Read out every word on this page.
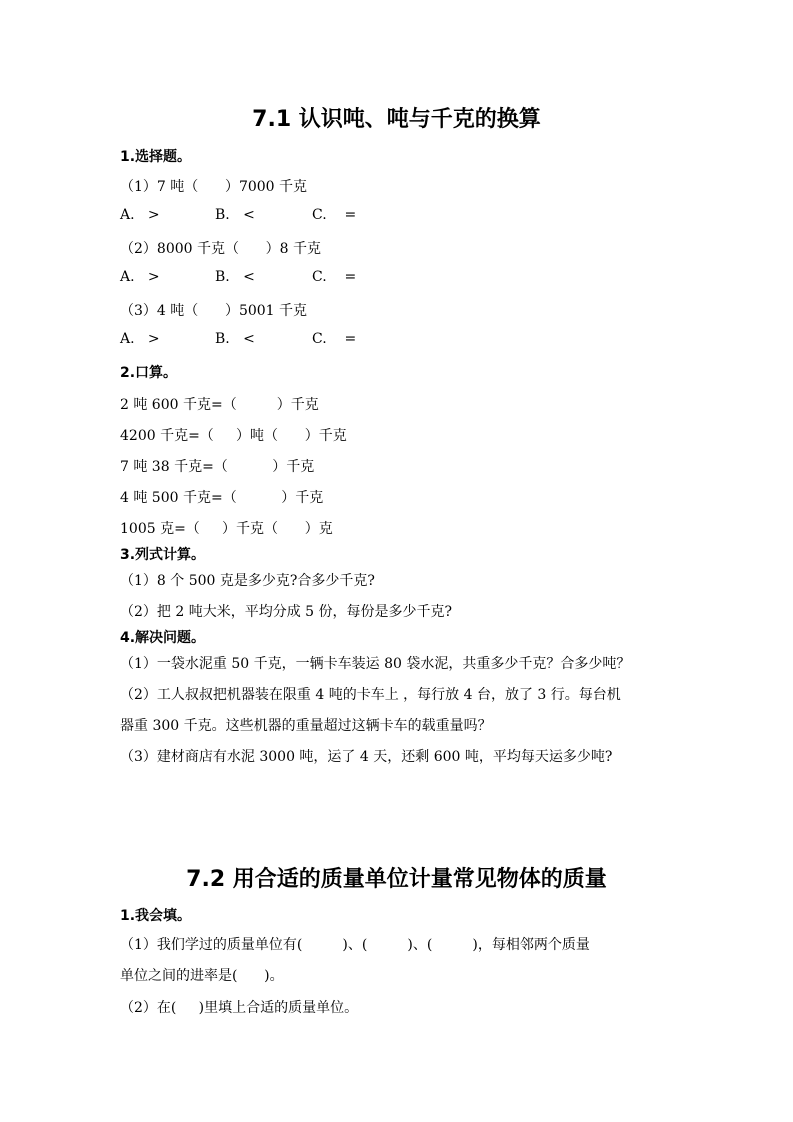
7.1 认识吨、吨与千克的换算
1.选择题。
（1）7 吨（      ）7000 千克
A.   >	B.   <	C.    =
（2）8000 千克（      ）8 千克
A.   >	B.   <	C.    =
（3）4 吨（      ）5001 千克
A.   >	B.   <	C.    =
2.口算。
2 吨 600 千克=（         ）千克
4200 千克=（     ）吨（      ）千克
7 吨 38 千克=（          ）千克
4 吨 500 千克=（          ）千克
1005 克=（     ）千克（      ）克
3.列式计算。
（1）8 个 500 克是多少克?合多少千克?
（2）把 2 吨大米，平均分成 5 份，每份是多少千克?
4.解决问题。
（1）一袋水泥重 50 千克，一辆卡车装运 80 袋水泥，共重多少千克？合多少吨？
（2）工人叔叔把机器装在限重 4 吨的卡车上 ，每行放 4 台，放了 3 行。每台机
器重 300 千克。这些机器的重量超过这辆卡车的载重量吗？
（3）建材商店有水泥 3000 吨，运了 4 天，还剩 600 吨，平均每天运多少吨?
7.2 用合适的质量单位计量常见物体的质量
1.我会填。
（1）我们学过的质量单位有(         )、(         )、(         )，每相邻两个质量
单位之间的进率是(      )。
（2）在(     )里填上合适的质量单位。
